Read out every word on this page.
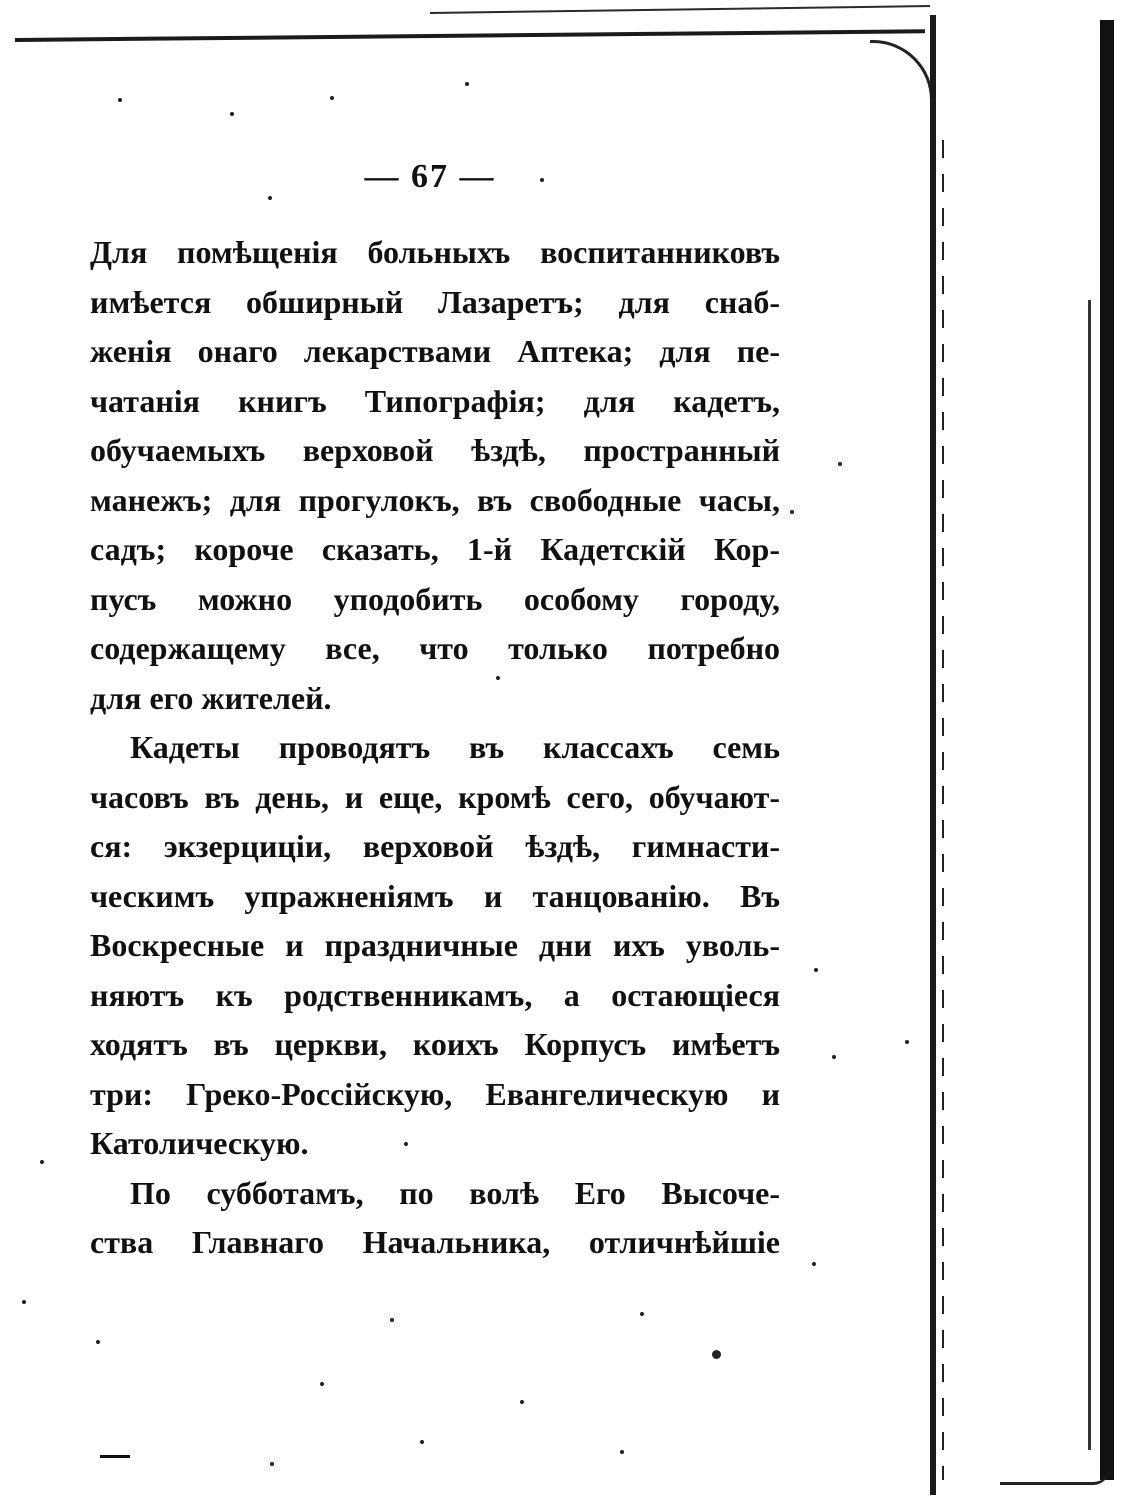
— 67 —
Для помѣщенія больныхъ воспитанниковъ
имѣется обширный Лазаретъ; для снаб-
женія онаго лекарствами Аптека; для пе-
чатанія книгъ Типографія; для кадетъ,
обучаемыхъ верховой ѣздѣ, пространный
манежъ; для прогулокъ, въ свободные часы,
садъ; короче сказать, 1-й Кадетскій Кор-
пусъ можно уподобить особому городу,
содержащему все, что только потребно
для его жителей.
Кадеты проводятъ въ классахъ семь
часовъ въ день, и еще, кромѣ сего, обучают-
ся: экзерциціи, верховой ѣздѣ, гимнасти-
ческимъ упражненіямъ и танцованію. Въ
Воскресные и праздничные дни ихъ уволь-
няютъ къ родственникамъ, а остающіеся
ходятъ въ церкви, коихъ Корпусъ имѣетъ
три: Греко-Россійскую, Евангелическую и
Католическую.
По субботамъ, по волѣ Его Высоче-
ства Главнаго Начальника, отличнѣйшіе
